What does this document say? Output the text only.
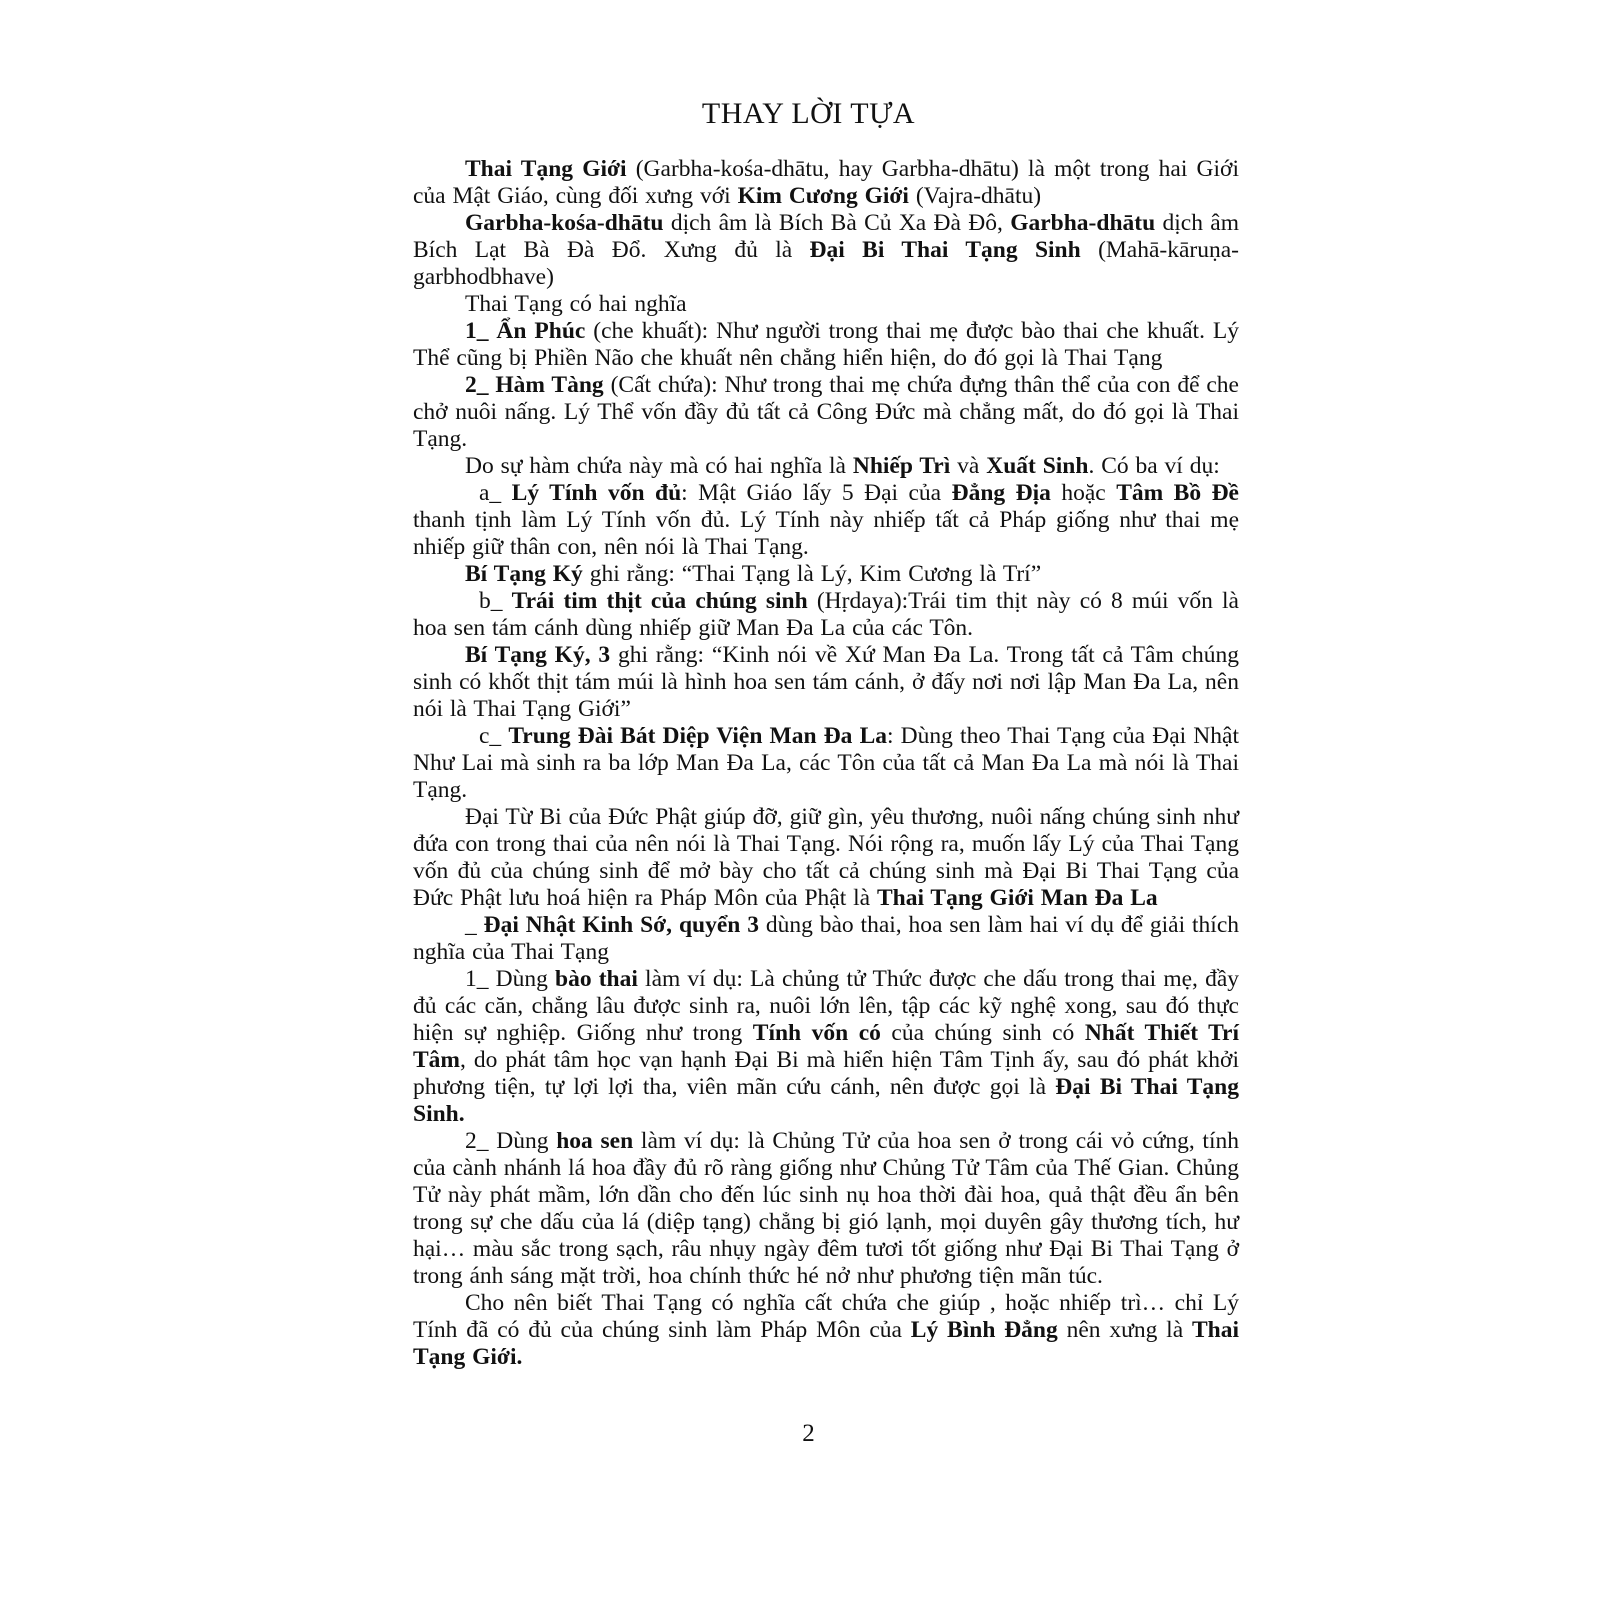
THAY LỜI TỰA

Thai Tạng Giới (Garbha-kośa-dhātu, hay Garbha-dhātu) là một trong hai Giới của Mật Giáo, cùng đối xưng với Kim Cương Giới (Vajra-dhātu)

Garbha-kośa-dhātu dịch âm là Bích Bà Củ Xa Đà Đô, Garbha-dhātu dịch âm Bích Lạt Bà Đà Đổ. Xưng đủ là Đại Bi Thai Tạng Sinh (Mahā-kāruṇa-garbhodbhave)

Thai Tạng có hai nghĩa

1_ Ẩn Phúc (che khuất): Như người trong thai mẹ được bào thai che khuất. Lý Thể cũng bị Phiền Não che khuất nên chẳng hiển hiện, do đó gọi là Thai Tạng

2_ Hàm Tàng (Cất chứa): Như trong thai mẹ chứa đựng thân thể của con để che chở nuôi nấng. Lý Thể vốn đầy đủ tất cả Công Đức mà chẳng mất, do đó gọi là Thai Tạng.

Do sự hàm chứa này mà có hai nghĩa là Nhiếp Trì và Xuất Sinh. Có ba ví dụ:

a_ Lý Tính vốn đủ: Mật Giáo lấy 5 Đại của Đẳng Địa hoặc Tâm Bồ Đề thanh tịnh làm Lý Tính vốn đủ. Lý Tính này nhiếp tất cả Pháp giống như thai mẹ nhiếp giữ thân con, nên nói là Thai Tạng.

Bí Tạng Ký ghi rằng: “Thai Tạng là Lý, Kim Cương là Trí”

b_ Trái tim thịt của chúng sinh (Hṛdaya):Trái tim thịt này có 8 múi vốn là hoa sen tám cánh dùng nhiếp giữ Man Đa La của các Tôn.

Bí Tạng Ký, 3 ghi rằng: “Kinh nói về Xứ Man Đa La. Trong tất cả Tâm chúng sinh có khốt thịt tám múi là hình hoa sen tám cánh, ở đấy nơi nơi lập Man Đa La, nên nói là Thai Tạng Giới”

c_ Trung Đài Bát Diệp Viện Man Đa La: Dùng theo Thai Tạng của Đại Nhật Như Lai mà sinh ra ba lớp Man Đa La, các Tôn của tất cả Man Đa La mà nói là Thai Tạng.

Đại Từ Bi của Đức Phật giúp đỡ, giữ gìn, yêu thương, nuôi nấng chúng sinh như đứa con trong thai của nên nói là Thai Tạng. Nói rộng ra, muốn lấy Lý của Thai Tạng vốn đủ của chúng sinh để mở bày cho tất cả chúng sinh mà Đại Bi Thai Tạng của Đức Phật lưu hoá hiện ra Pháp Môn của Phật là Thai Tạng Giới Man Đa La

_ Đại Nhật Kinh Sớ, quyển 3 dùng bào thai, hoa sen làm hai ví dụ để giải thích nghĩa của Thai Tạng

1_ Dùng bào thai làm ví dụ: Là chủng tử Thức được che dấu trong thai mẹ, đầy đủ các căn, chẳng lâu được sinh ra, nuôi lớn lên, tập các kỹ nghệ xong, sau đó thực hiện sự nghiệp. Giống như trong Tính vốn có của chúng sinh có Nhất Thiết Trí Tâm, do phát tâm học vạn hạnh Đại Bi mà hiển hiện Tâm Tịnh ấy, sau đó phát khởi phương tiện, tự lợi lợi tha, viên mãn cứu cánh, nên được gọi là Đại Bi Thai Tạng Sinh.

2_ Dùng hoa sen làm ví dụ: là Chủng Tử của hoa sen ở trong cái vỏ cứng, tính của cành nhánh lá hoa đầy đủ rõ ràng giống như Chủng Tử Tâm của Thế Gian. Chủng Tử này phát mầm, lớn dần cho đến lúc sinh nụ hoa thời đài hoa, quả thật đều ẩn bên trong sự che dấu của lá (diệp tạng) chẳng bị gió lạnh, mọi duyên gây thương tích, hư hại… màu sắc trong sạch, râu nhụy ngày đêm tươi tốt giống như Đại Bi Thai Tạng ở trong ánh sáng mặt trời, hoa chính thức hé nở như phương tiện mãn túc.

Cho nên biết Thai Tạng có nghĩa cất chứa che giúp , hoặc nhiếp trì… chỉ Lý Tính đã có đủ của chúng sinh làm Pháp Môn của Lý Bình Đẳng nên xưng là Thai Tạng Giới.

2
